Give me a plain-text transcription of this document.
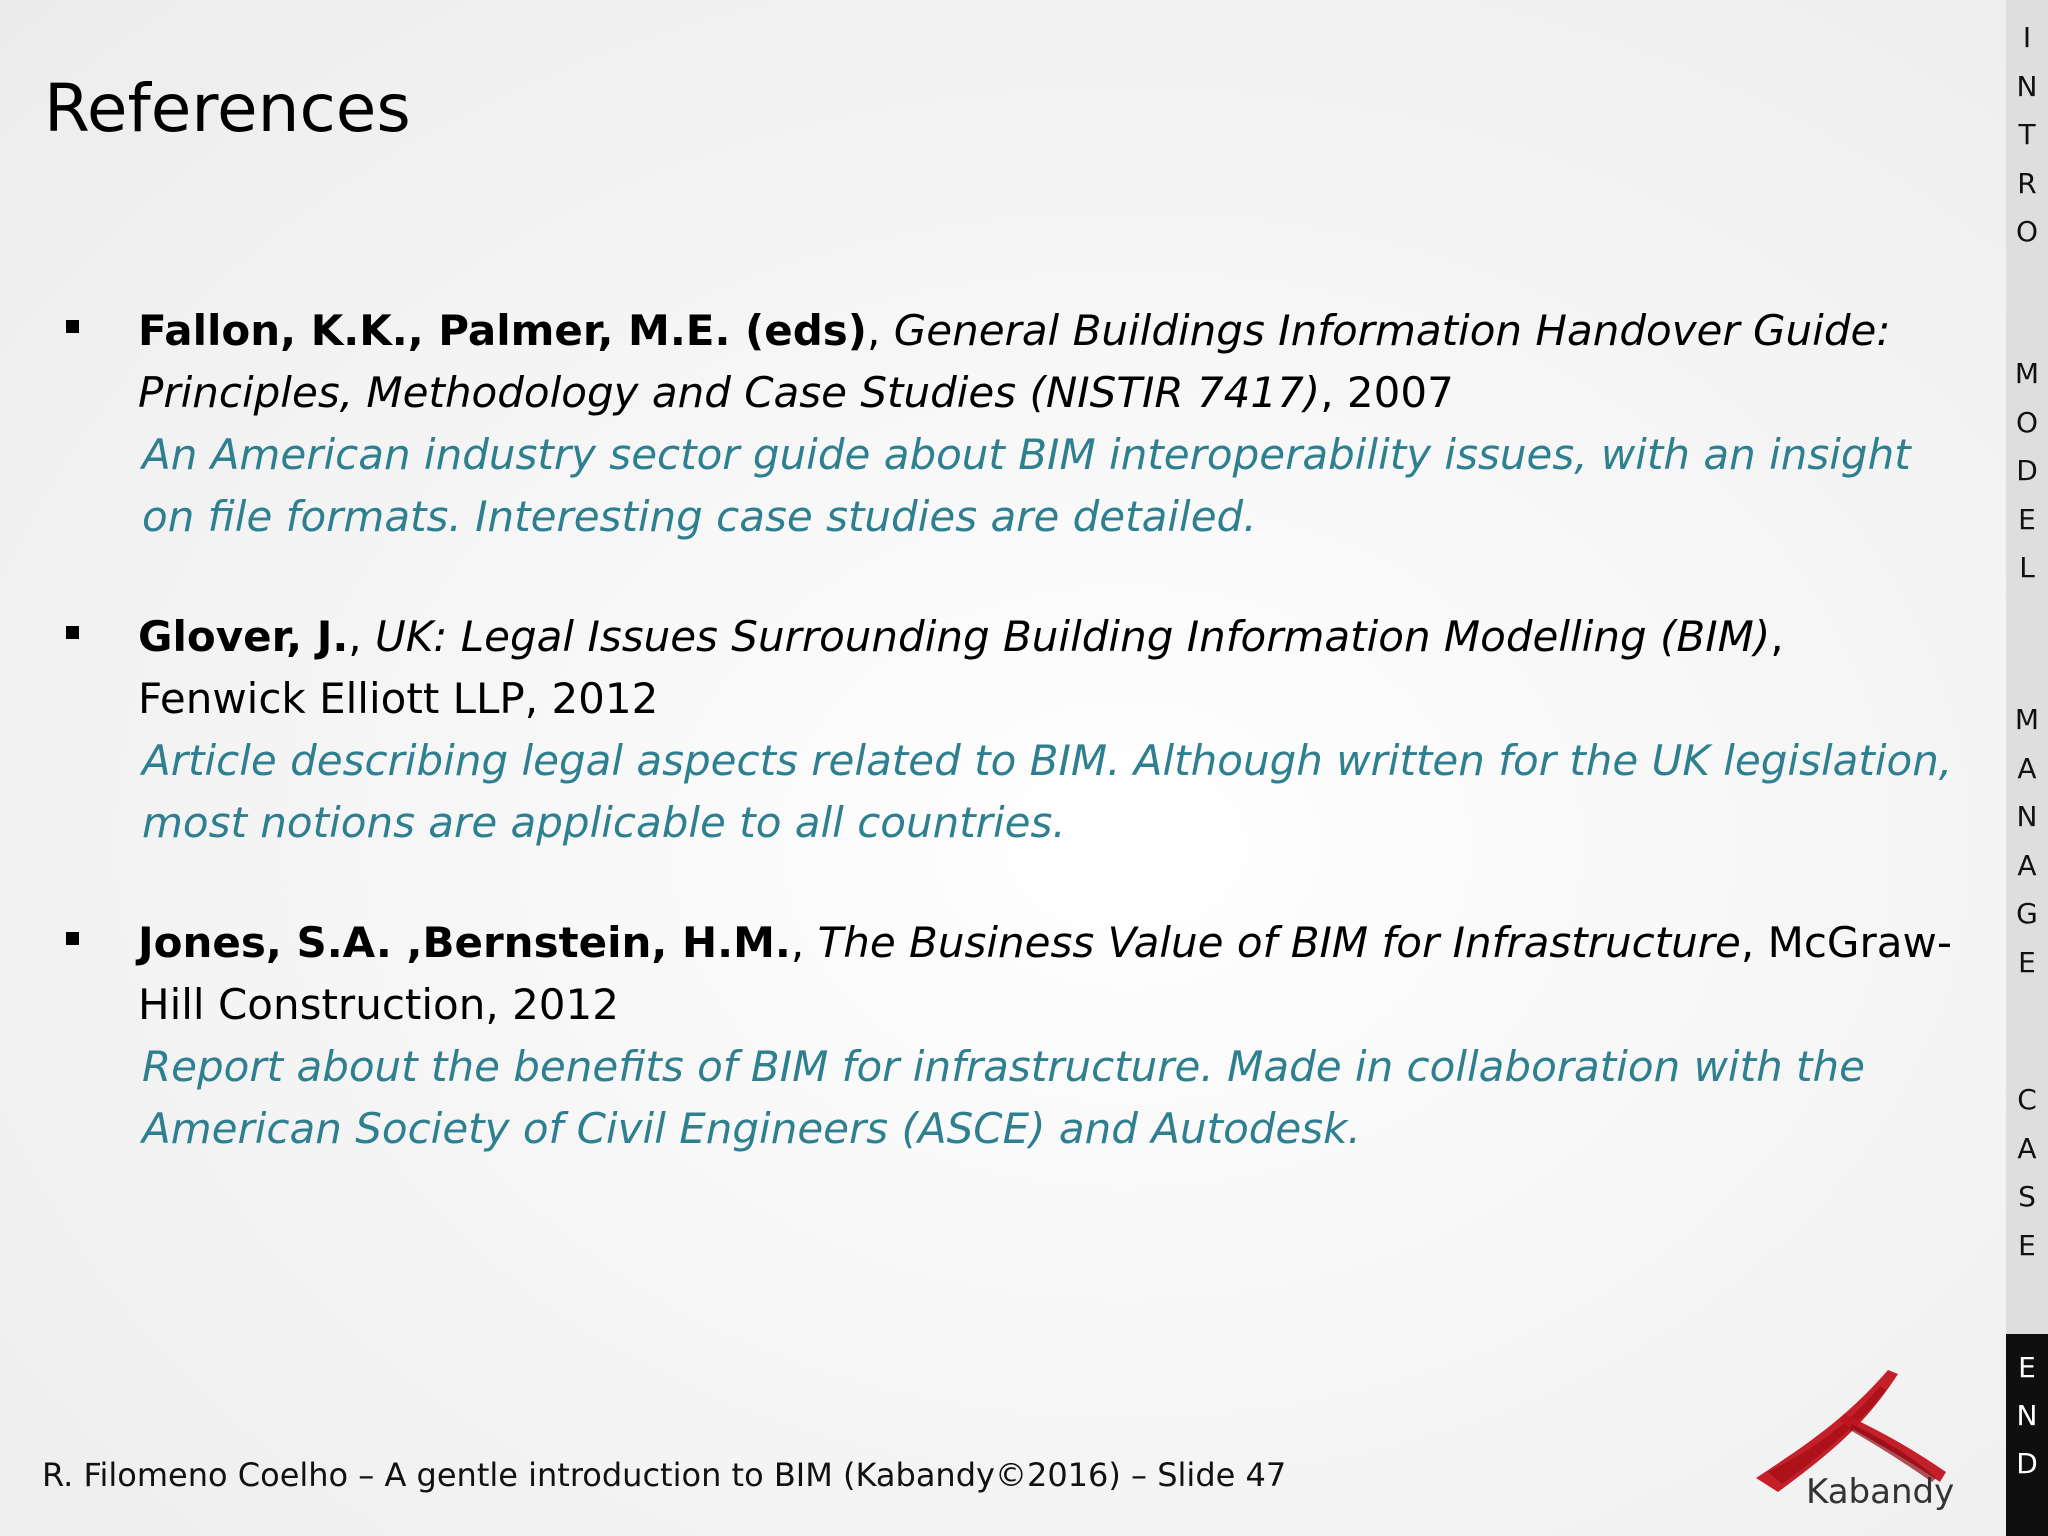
References
Fallon, K.K., Palmer, M.E. (eds), General Buildings Information Handover Guide: Principles, Methodology and Case Studies (NISTIR 7417), 2007
An American industry sector guide about BIM interoperability issues, with an insight on file formats. Interesting case studies are detailed.
Glover, J., UK: Legal Issues Surrounding Building Information Modelling (BIM), Fenwick Elliott LLP, 2012
Article describing legal aspects related to BIM. Although written for the UK legislation, most notions are applicable to all countries.
Jones, S.A. ,Bernstein, H.M., The Business Value of BIM for Infrastructure, McGraw-Hill Construction, 2012
Report about the benefits of BIM for infrastructure. Made in collaboration with the American Society of Civil Engineers (ASCE) and Autodesk.
R. Filomeno Coelho – A gentle introduction to BIM (Kabandy©2016) – Slide 47	Kabandy
I
N
T
R
O
M
O
D
E
L
M
A
N
A
G
E
C
A
S
E
E
N
D
